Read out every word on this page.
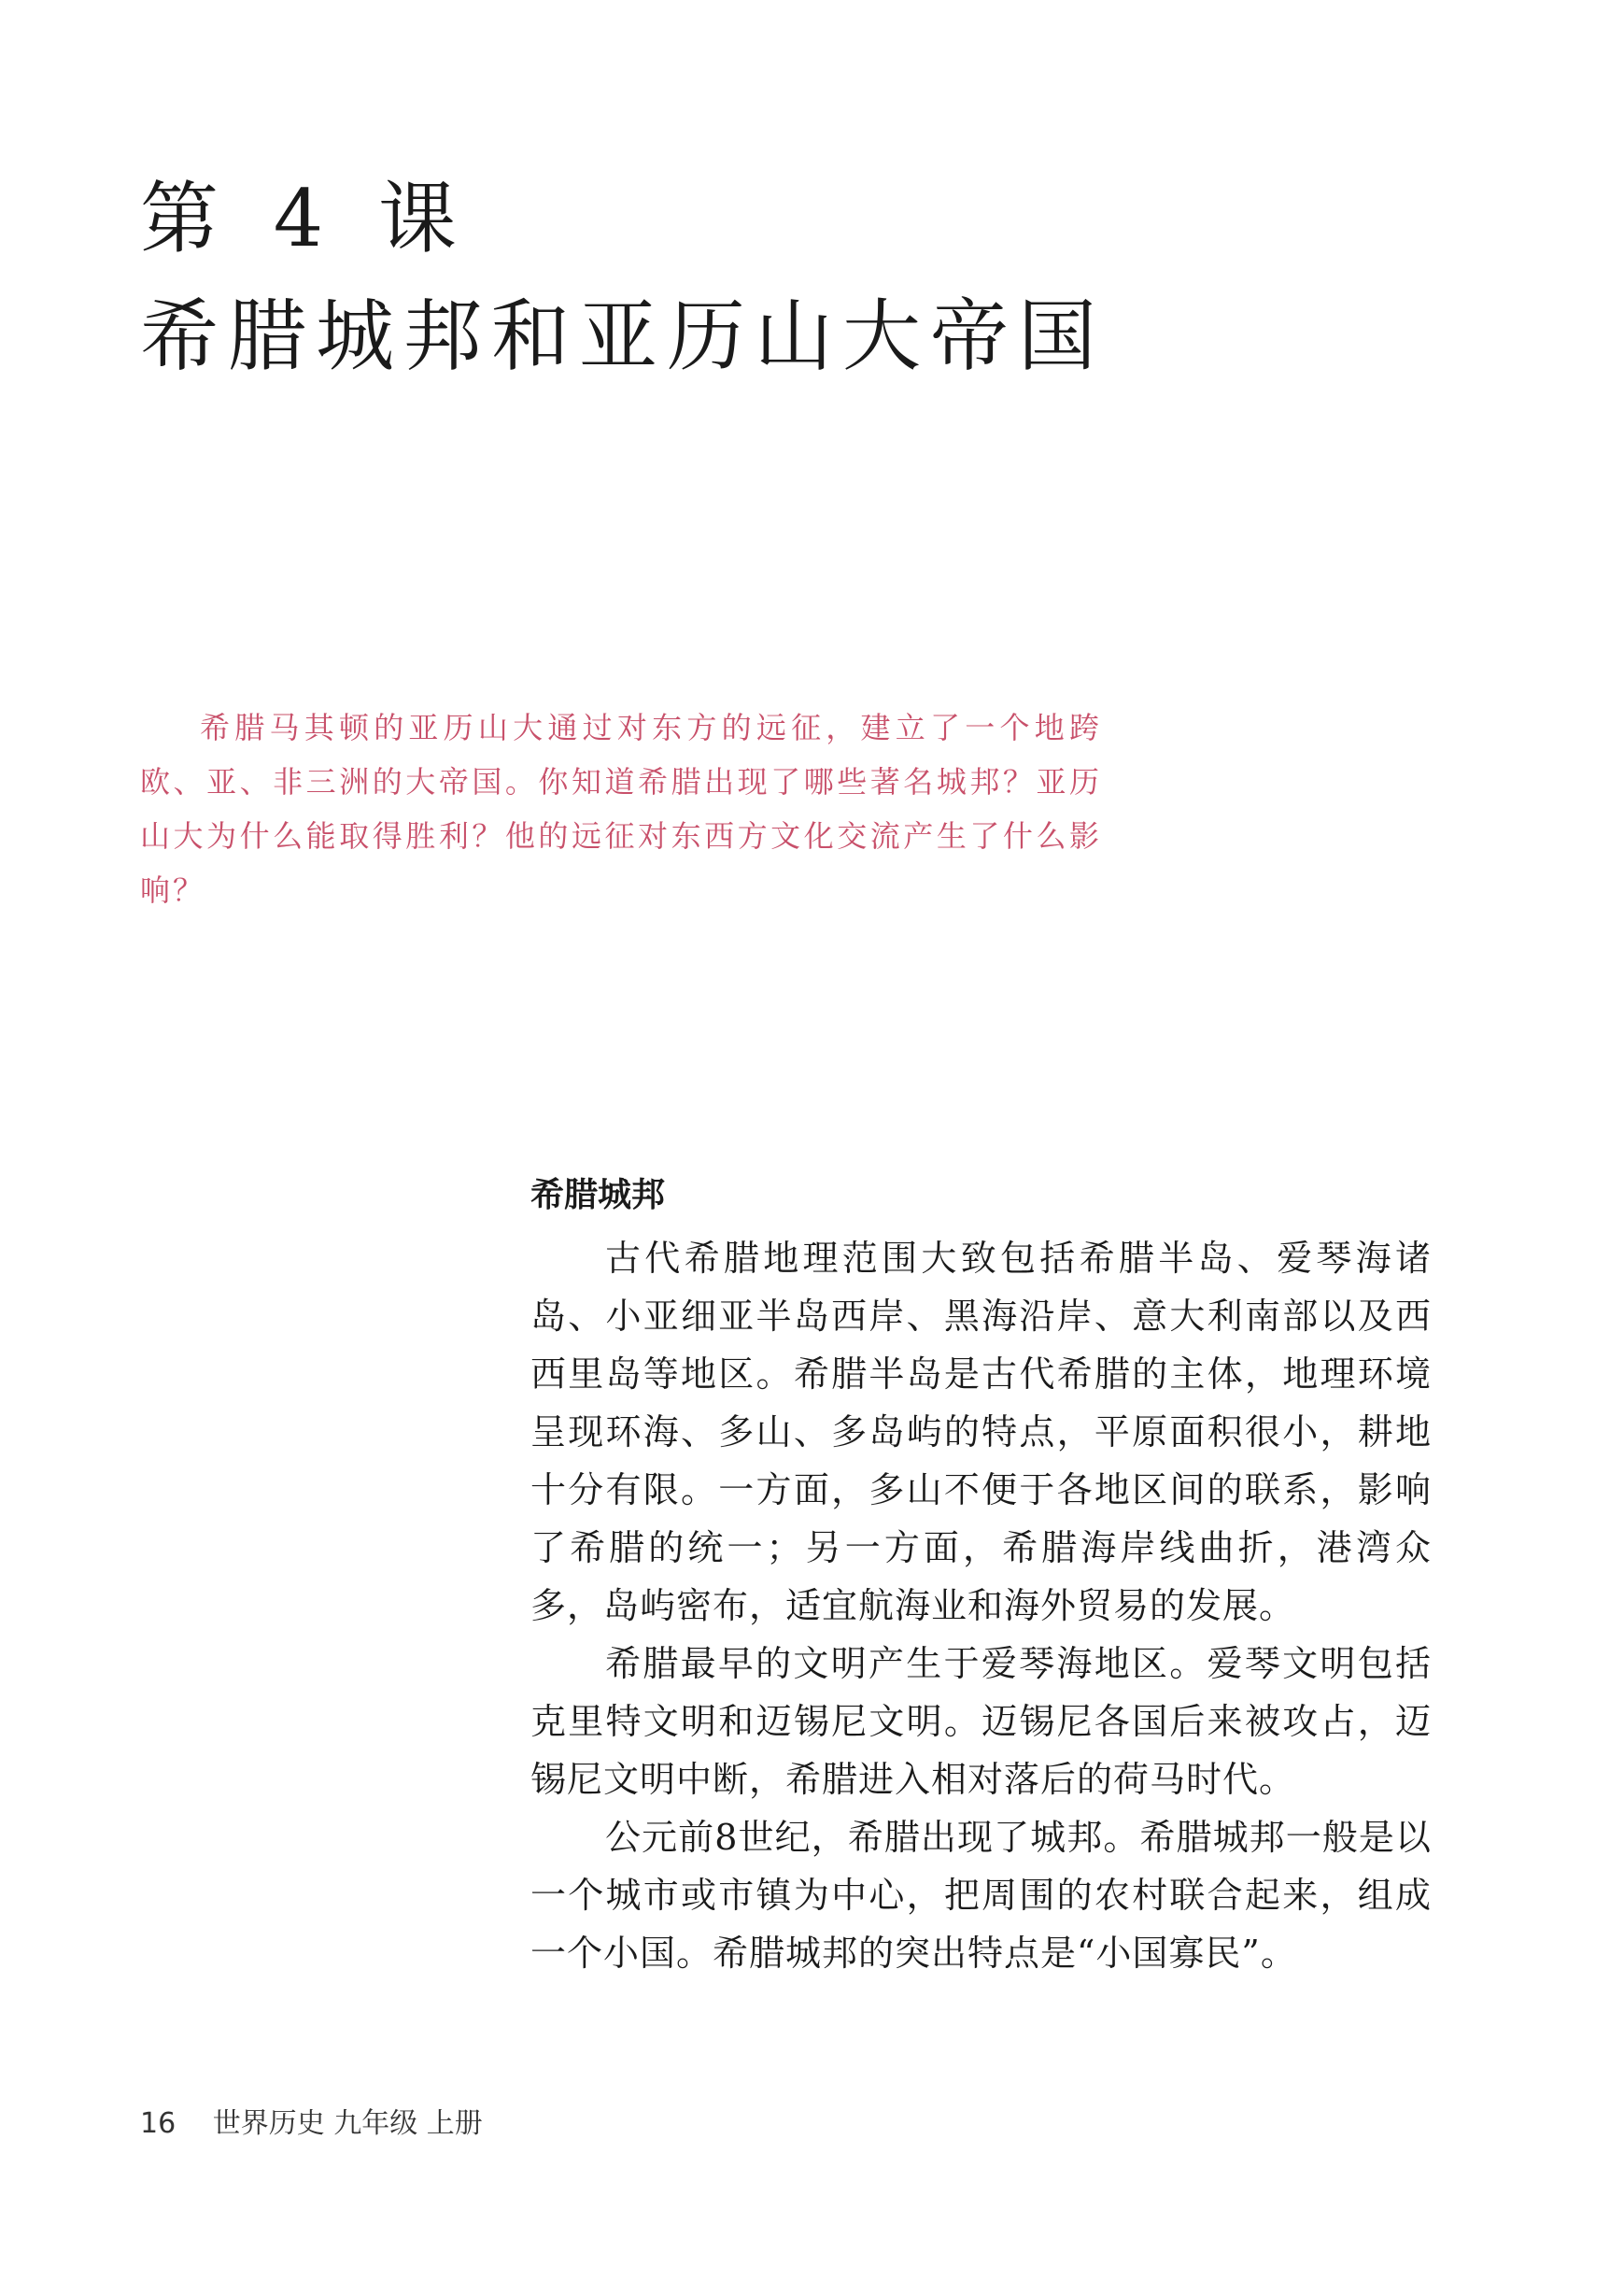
第 4 课
希腊城邦和亚历山大帝国

希腊马其顿的亚历山大通过对东方的远征，建立了一个地跨欧、亚、非三洲的大帝国。你知道希腊出现了哪些著名城邦？亚历山大为什么能取得胜利？他的远征对东西方文化交流产生了什么影响？

希腊城邦

古代希腊地理范围大致包括希腊半岛、爱琴海诸岛、小亚细亚半岛西岸、黑海沿岸、意大利南部以及西西里岛等地区。希腊半岛是古代希腊的主体，地理环境呈现环海、多山、多岛屿的特点，平原面积很小，耕地十分有限。一方面，多山不便于各地区间的联系，影响了希腊的统一；另一方面，希腊海岸线曲折，港湾众多，岛屿密布，适宜航海业和海外贸易的发展。

希腊最早的文明产生于爱琴海地区。爱琴文明包括克里特文明和迈锡尼文明。迈锡尼各国后来被攻占，迈锡尼文明中断，希腊进入相对落后的荷马时代。

公元前8世纪，希腊出现了城邦。希腊城邦一般是以一个城市或市镇为中心，把周围的农村联合起来，组成一个小国。希腊城邦的突出特点是“小国寡民”。

16 世界历史 九年级 上册
